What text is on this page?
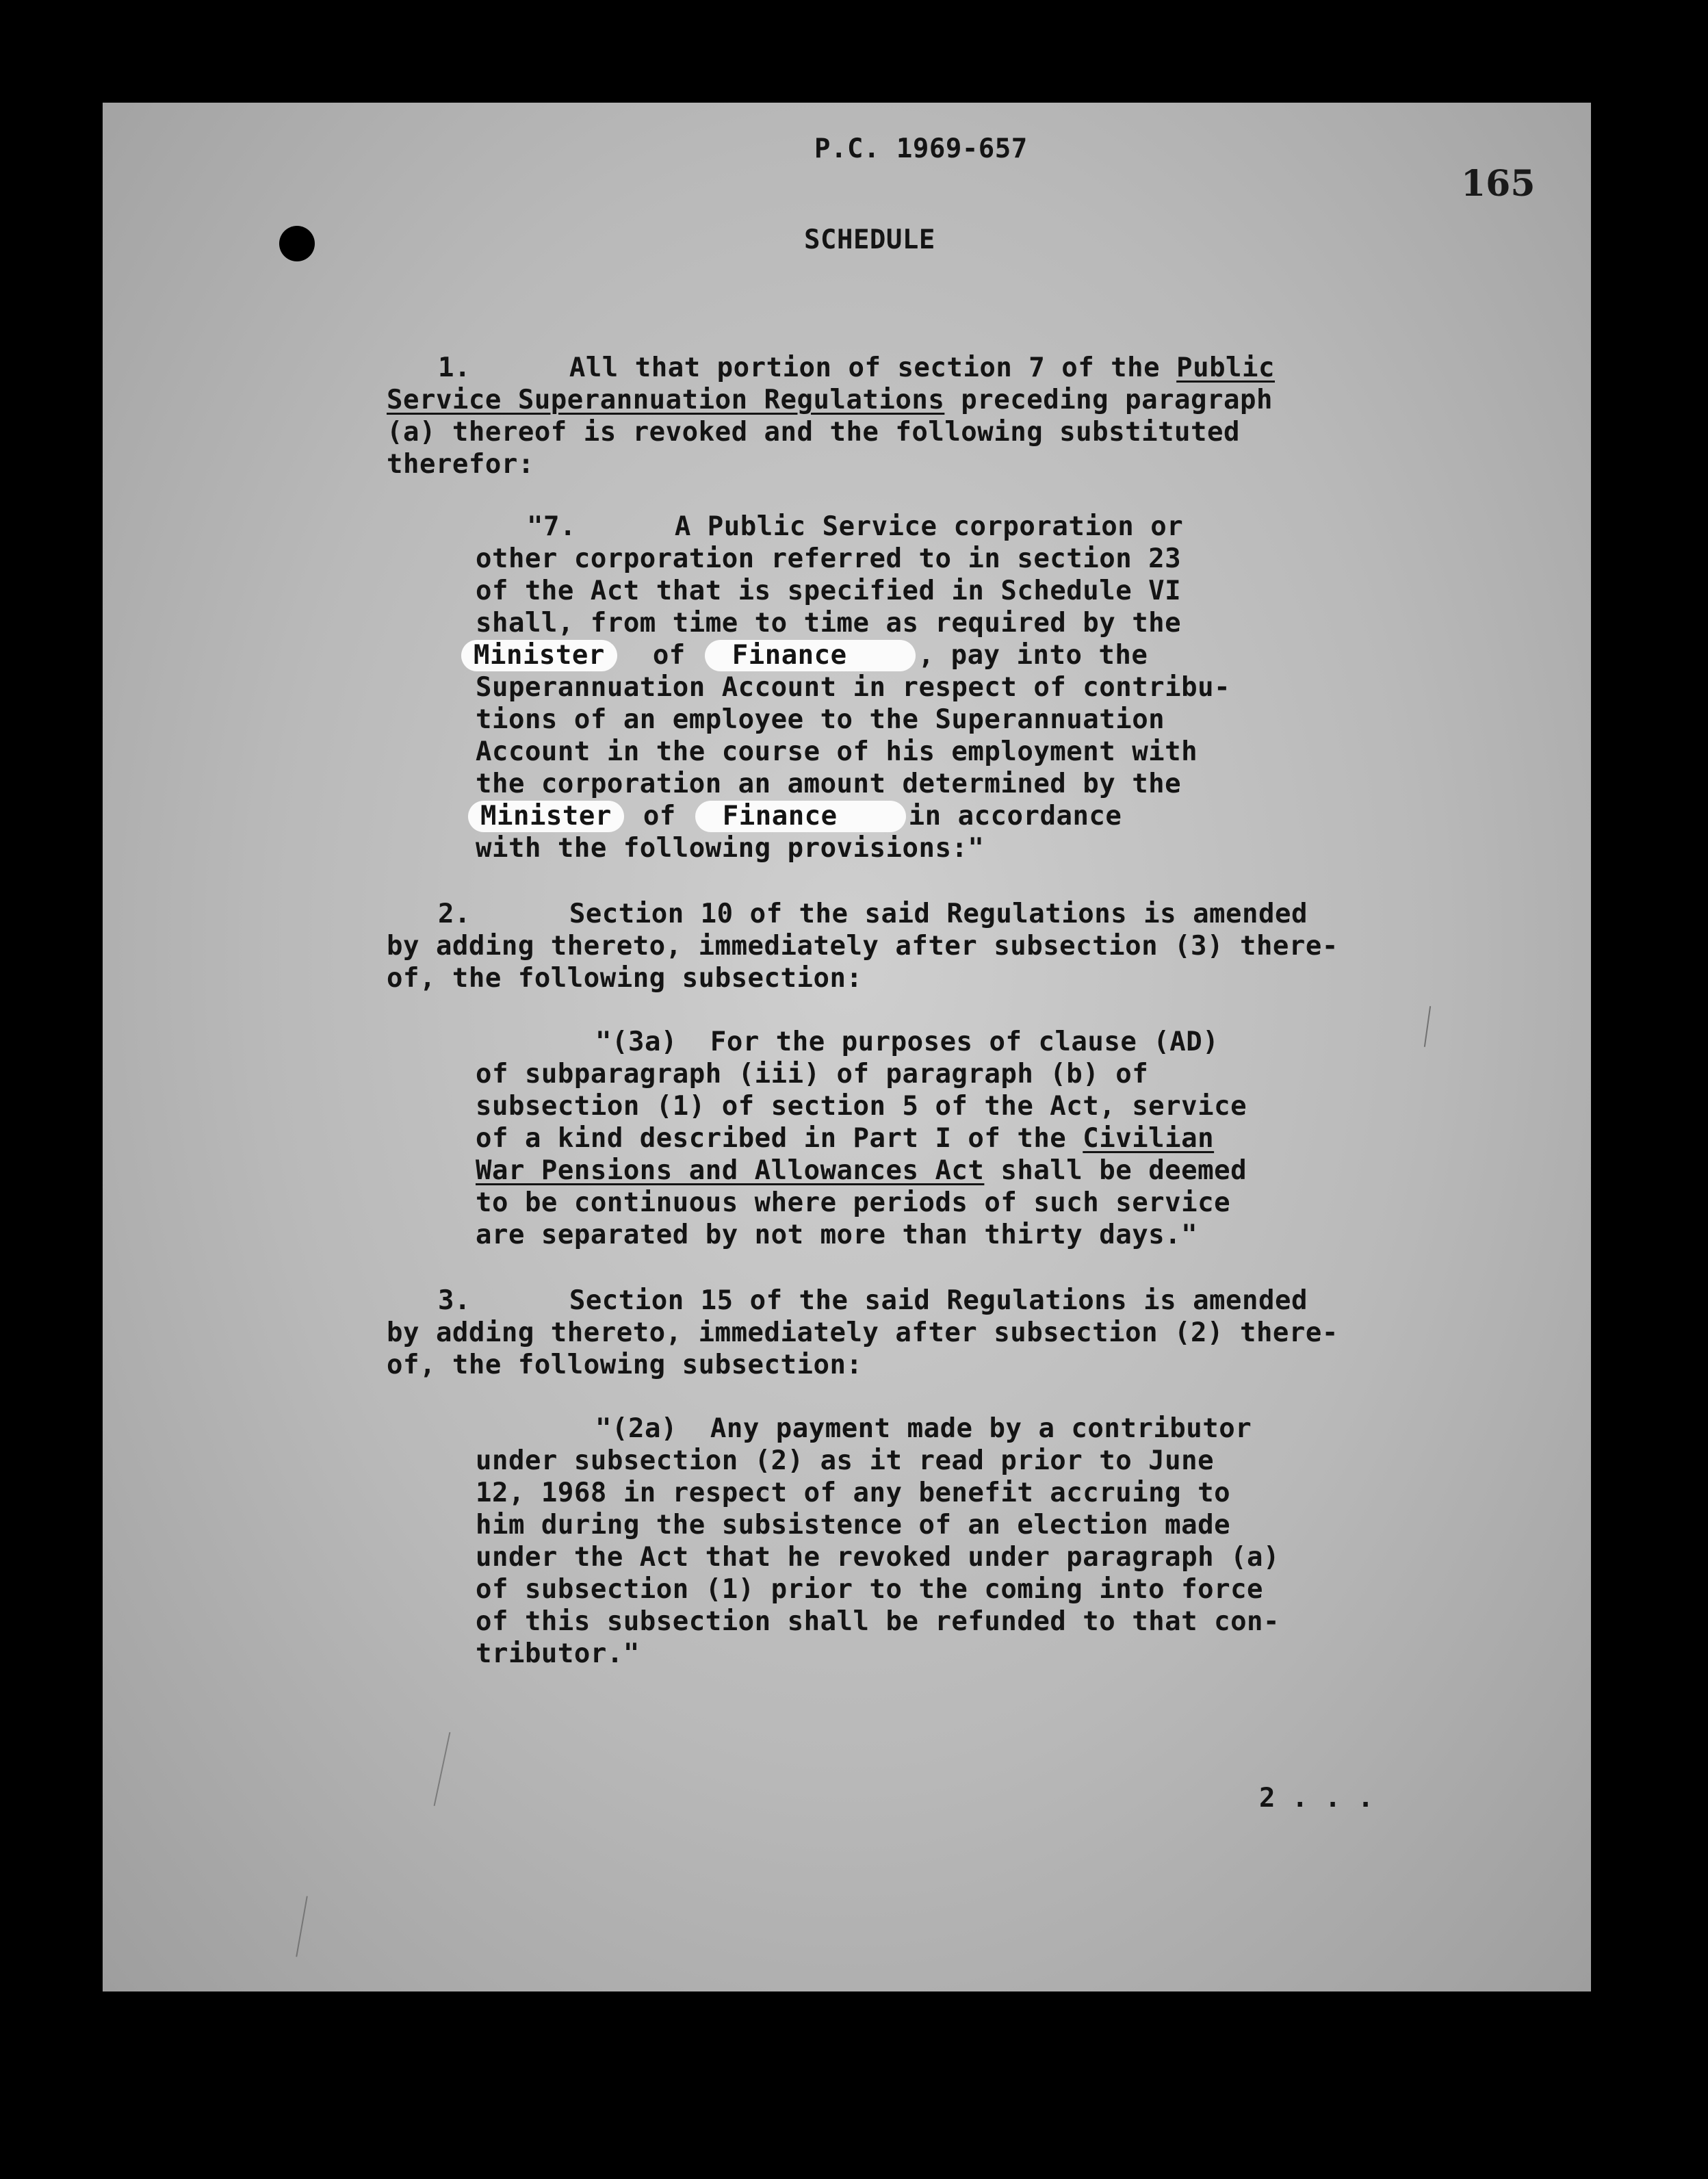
P.C. 1969-657
165
SCHEDULE
1.      All that portion of section 7 of the Public
Service Superannuation Regulations preceding paragraph
(a) thereof is revoked and the following substituted
therefor:
"7.      A Public Service corporation or
other corporation referred to in section 23
of the Act that is specified in Schedule VI
shall, from time to time as required by the
Minister of Finance	, pay into the
Superannuation Account in respect of contribu-
tions of an employee to the Superannuation
Account in the course of his employment with
the corporation an amount determined by the
Minister of Finance	in accordance
with the following provisions:"
2.      Section 10 of the said Regulations is amended
by adding thereto, immediately after subsection (3) there-
of, the following subsection:
"(3a)  For the purposes of clause (AD)
of subparagraph (iii) of paragraph (b) of
subsection (1) of section 5 of the Act, service
of a kind described in Part I of the Civilian
War Pensions and Allowances Act shall be deemed
to be continuous where periods of such service
are separated by not more than thirty days."
3.      Section 15 of the said Regulations is amended
by adding thereto, immediately after subsection (2) there-
of, the following subsection:
"(2a)  Any payment made by a contributor
under subsection (2) as it read prior to June
12, 1968 in respect of any benefit accruing to
him during the subsistence of an election made
under the Act that he revoked under paragraph (a)
of subsection (1) prior to the coming into force
of this subsection shall be refunded to that con-
tributor."
2 . . .
